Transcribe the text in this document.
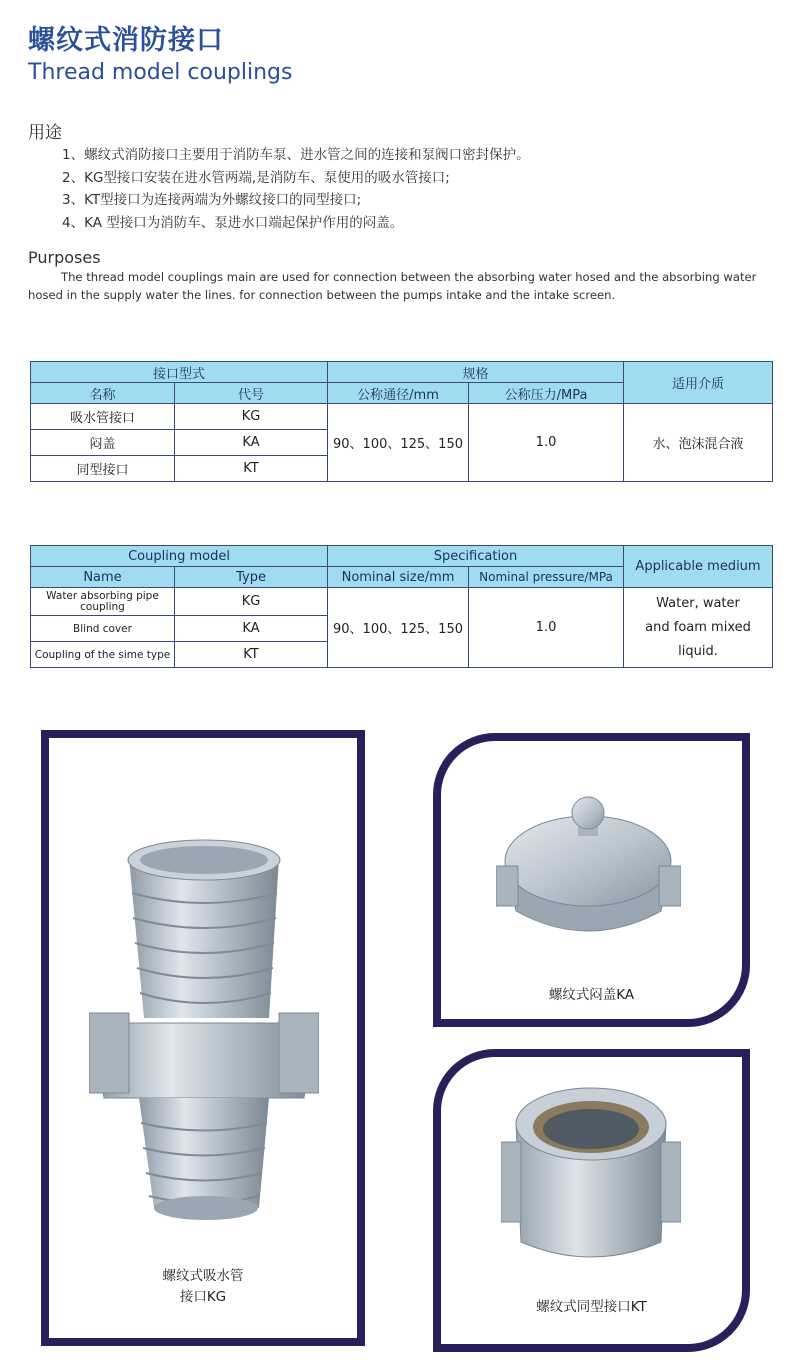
螺纹式消防接口
Thread model couplings
用途
1、螺纹式消防接口主要用于消防车泵、进水管之间的连接和泵阀口密封保护。
2、KG型接口安装在进水管两端,是消防车、泵使用的吸水管接口;
3、KT型接口为连接两端为外螺纹接口的同型接口;
4、KA 型接口为消防车、泵进水口端起保护作用的闷盖。
Purposes
The thread model couplings main are used for connection between the absorbing water hosed and the absorbing water hosed in the supply water the lines. for connection between the pumps intake and the intake screen.
接口型式		规格		适用介质
名称	代号	公称通径/mm	公称压力/MPa	
吸水管接口	KG	90、100、125、150	1.0	水、泡沫混合液
闷盖	KA			
同型接口	KT			
Coupling model		Specification		Applicable medium
Name	Type	Nominal size/mm	Nominal pressure/MPa	
Water absorbing pipe coupling	KG	90、100、125、150	1.0	Water, water and foam mixed liquid.
Blind cover	KA			
Coupling of the sime type	KT			
螺纹式吸水管
接口KG
螺纹式闷盖KA
螺纹式同型接口KT
